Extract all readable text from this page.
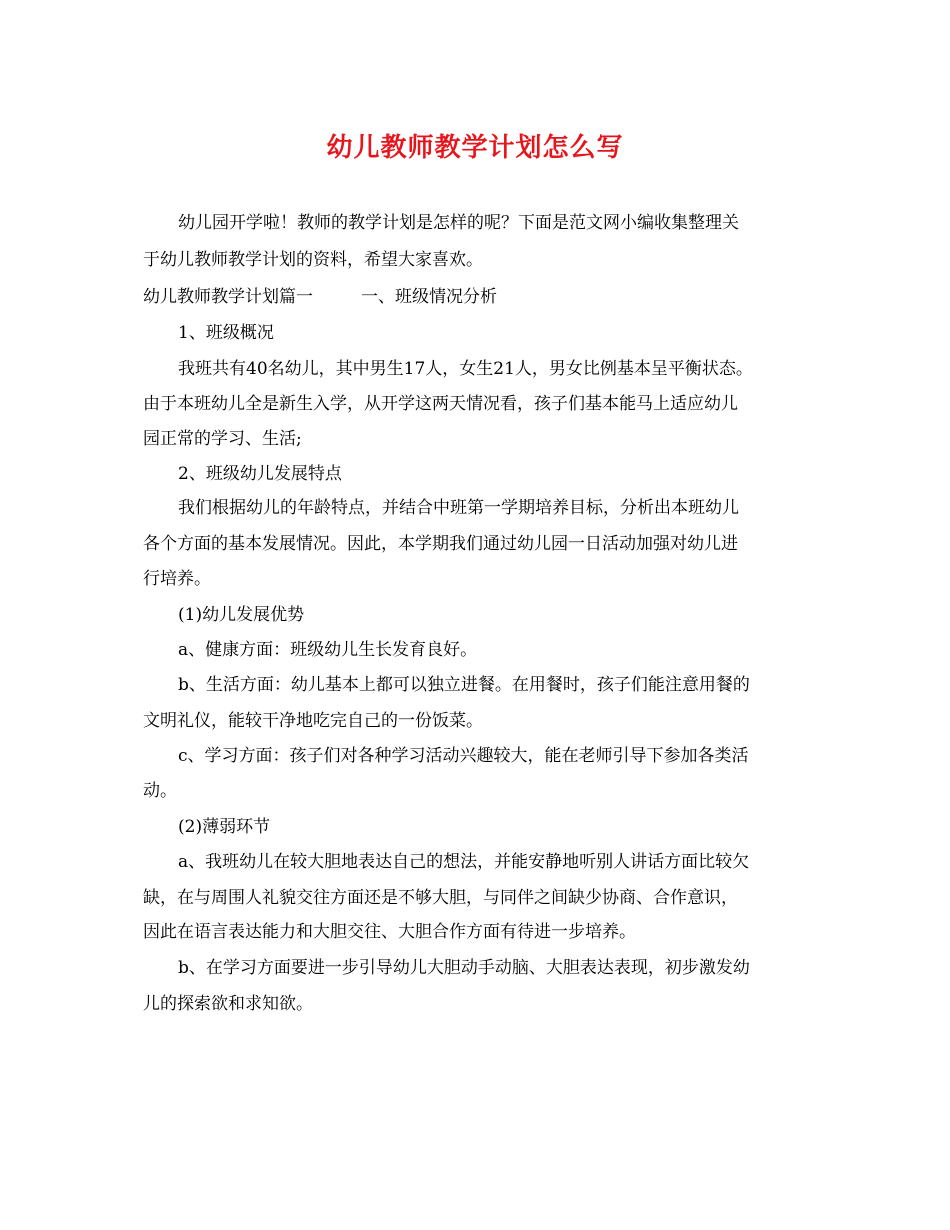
幼儿教师教学计划怎么写
幼儿园开学啦！教师的教学计划是怎样的呢？下面是范文网小编收集整理关
于幼儿教师教学计划的资料，希望大家喜欢。
幼儿教师教学计划篇一	一、班级情况分析
1、班级概况
我班共有40名幼儿，其中男生17人，女生21人，男女比例基本呈平衡状态。
由于本班幼儿全是新生入学，从开学这两天情况看，孩子们基本能马上适应幼儿
园正常的学习、生活;
2、班级幼儿发展特点
我们根据幼儿的年龄特点，并结合中班第一学期培养目标，分析出本班幼儿
各个方面的基本发展情况。因此，本学期我们通过幼儿园一日活动加强对幼儿进
行培养。
(1)幼儿发展优势
a、健康方面：班级幼儿生长发育良好。
b、生活方面：幼儿基本上都可以独立进餐。在用餐时，孩子们能注意用餐的
文明礼仪，能较干净地吃完自己的一份饭菜。
c、学习方面：孩子们对各种学习活动兴趣较大，能在老师引导下参加各类活
动。
(2)薄弱环节
a、我班幼儿在较大胆地表达自己的想法，并能安静地听别人讲话方面比较欠
缺，在与周围人礼貌交往方面还是不够大胆，与同伴之间缺少协商、合作意识，
因此在语言表达能力和大胆交往、大胆合作方面有待进一步培养。
b、在学习方面要进一步引导幼儿大胆动手动脑、大胆表达表现，初步激发幼
儿的探索欲和求知欲。
